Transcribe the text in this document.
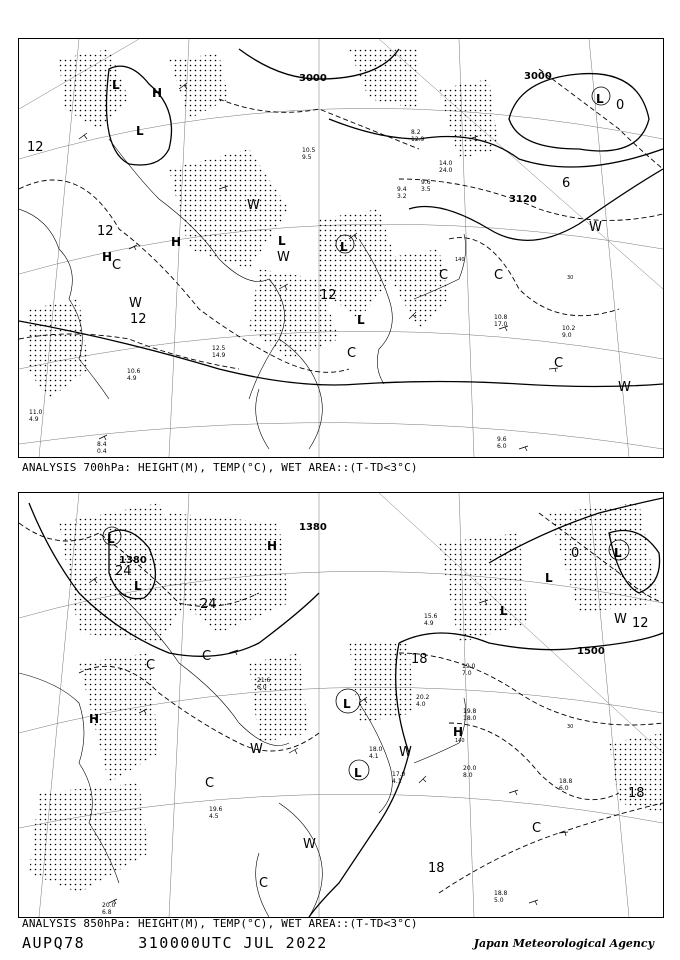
30
140
3000	3000
3120
12
12
12
12
6
0
L
L
L	L
L
L
H
H
H
W
W
W
W
W
C
C
C	C
C
10.8
17.0
10.2
9.0
9.6
6.0
8.4
0.4
12.5
14.9
10.6
4.9
11.0
4.9
14.0
24.0
9.6
3.5
9.4
3.2
10.5
9.5
8.2
12.9
ANALYSIS 700hPa: HEIGHT(M), TEMP(°C), WET AREA::(T-TD<3°C)
30
140
1380
1380
1500
24
24
18
18
18
12
0
L
L
L
L
L
L
L
H
H
H
W	W
W
W
C
C
C
C
C
20.0
8.0
18.8
6.0
18.8
5.0
20.0
6.8
19.8
18.0
19.0
7.0
18.0
4.1
17.0
4.1
20.2
4.0
21.6
6.0
19.6
4.5
15.6
4.9
ANALYSIS 850hPa: HEIGHT(M), TEMP(°C), WET AREA::(T-TD<3°C)
AUPQ78	310000UTC JUL 2022	Japan Meteorological Agency
